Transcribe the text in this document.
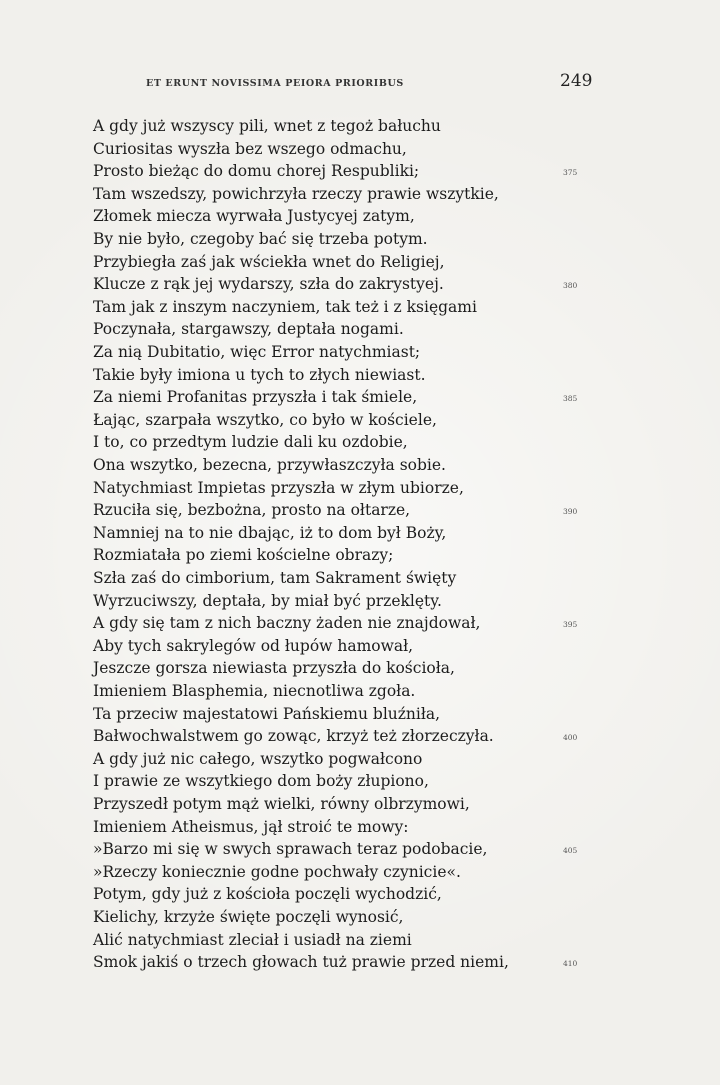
ET ERUNT NOVISSIMA PEIORA PRIORIBUS	249
A gdy już wszyscy pili, wnet z tegoż bałuchu
Curiositas wyszła bez wszego odmachu,
Prosto bieżąc do domu chorej Respubliki;	375
Tam wszedszy, powichrzyła rzeczy prawie wszytkie,
Złomek miecza wyrwała Justycyej zatym,
By nie było, czegoby bać się trzeba potym.
Przybiegła zaś jak wściekła wnet do Religiej,
Klucze z rąk jej wydarszy, szła do zakrystyej.	380
Tam jak z inszym naczyniem, tak też i z księgami
Poczynała, stargawszy, deptała nogami.
Za nią Dubitatio, więc Error natychmiast;
Takie były imiona u tych to złych niewiast.
Za niemi Profanitas przyszła i tak śmiele,	385
Łając, szarpała wszytko, co było w kościele,
I to, co przedtym ludzie dali ku ozdobie,
Ona wszytko, bezecna, przywłaszczyła sobie.
Natychmiast Impietas przyszła w złym ubiorze,
Rzuciła się, bezbożna, prosto na ołtarze,	390
Namniej na to nie dbając, iż to dom był Boży,
Rozmiatała po ziemi kościelne obrazy;
Szła zaś do cimborium, tam Sakrament święty
Wyrzuciwszy, deptała, by miał być przeklęty.
A gdy się tam z nich baczny żaden nie znajdował,	395
Aby tych sakrylegów od łupów hamował,
Jeszcze gorsza niewiasta przyszła do kościoła,
Imieniem Blasphemia, niecnotliwa zgoła.
Ta przeciw majestatowi Pańskiemu bluźniła,
Bałwochwalstwem go zowąc, krzyż też złorzeczyła.	400
A gdy już nic całego, wszytko pogwałcono
I prawie ze wszytkiego dom boży złupiono,
Przyszedł potym mąż wielki, równy olbrzymowi,
Imieniem Atheismus, jął stroić te mowy:
»Barzo mi się w swych sprawach teraz podobacie,	405
»Rzeczy koniecznie godne pochwały czynicie«.
Potym, gdy już z kościoła poczęli wychodzić,
Kielichy, krzyże święte poczęli wynosić,
Alić natychmiast zleciał i usiadł na ziemi
Smok jakiś o trzech głowach tuż prawie przed niemi,	410
